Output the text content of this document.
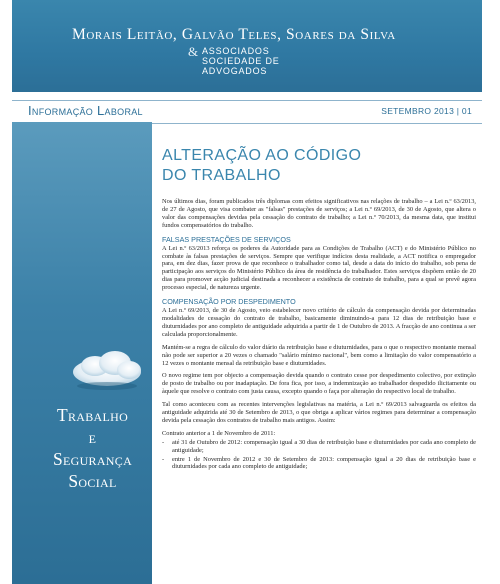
Morais Leitão, Galvão Teles, Soares da Silva
& ASSOCIADOS
SOCIEDADE DE
ADVOGADOS
Informação Laboral	SETEMBRO 2013 | 01
Trabalho
e
Segurança
Social
ALTERAÇÃO AO CÓDIGO
DO TRABALHO

Nos últimos dias, foram publicados três diplomas com efeitos significativos nas relações de trabalho – a Lei n.º 63/2013, de 27 de Agosto, que visa combater as "falsas" prestações de serviços; a Lei n.º 69/2013, de 30 de Agosto, que altera o valor das compensações devidas pela cessação do contrato de trabalho; a Lei n.º 70/2013, da mesma data, que institui fundos compensatórios do trabalho.

FALSAS PRESTAÇÕES DE SERVIÇOS

A Lei n.º 63/2013 reforça os poderes da Autoridade para as Condições de Trabalho (ACT) e do Ministério Público no combate às falsas prestações de serviços. Sempre que verifique indícios desta realidade, a ACT notifica o empregador para, em dez dias, fazer prova de que reconhece o trabalhador como tal, desde a data do início do trabalho, sob pena de participação aos serviços do Ministério Público da área de residência do trabalhador. Estes serviços dispõem então de 20 dias para promover acção judicial destinada a reconhecer a existência de contrato de trabalho, para a qual se prevê agora processo especial, de natureza urgente.

COMPENSAÇÃO POR DESPEDIMENTO

A Lei n.º 69/2013, de 30 de Agosto, veio estabelecer novo critério de cálculo da compensação devida por determinadas modalidades de cessação do contrato de trabalho, basicamente diminuindo-a para 12 dias de retribuição base e diuturnidades por ano completo de antiguidade adquirida a partir de 1 de Outubro de 2013. A fracção de ano continua a ser calculada proporcionalmente.

Mantém-se a regra de cálculo do valor diário da retribuição base e diuturnidades, para o que o respectivo montante mensal não pode ser superior a 20 vezes o chamado "salário mínimo nacional", bem como a limitação do valor compensatório a 12 vezes o montante mensal da retribuição base e diuturnidades.

O novo regime tem por objecto a compensação devida quando o contrato cesse por despedimento colectivo, por extinção de posto de trabalho ou por inadaptação. De fora fica, por isso, a indemnização ao trabalhador despedido ilicitamente ou àquele que resolve o contrato com justa causa, excepto quando o faça por alteração do respectivo local de trabalho.

Tal como aconteceu com as recentes intervenções legislativas na matéria, a Lei n.º 69/2013 salvaguarda os efeitos da antiguidade adquirida até 30 de Setembro de 2013, o que obriga a aplicar vários regimes para determinar a compensação devida pela cessação dos contratos de trabalho mais antigos. Assim:

Contrato anterior a 1 de Novembro de 2011:
- até 31 de Outubro de 2012: compensação igual a 30 dias de retribuição base e diuturnidades por cada ano completo de antiguidade;
- entre 1 de Novembro de 2012 e 30 de Setembro de 2013: compensação igual a 20 dias de retribuição base e diuturnidades por cada ano completo de antiguidade;
